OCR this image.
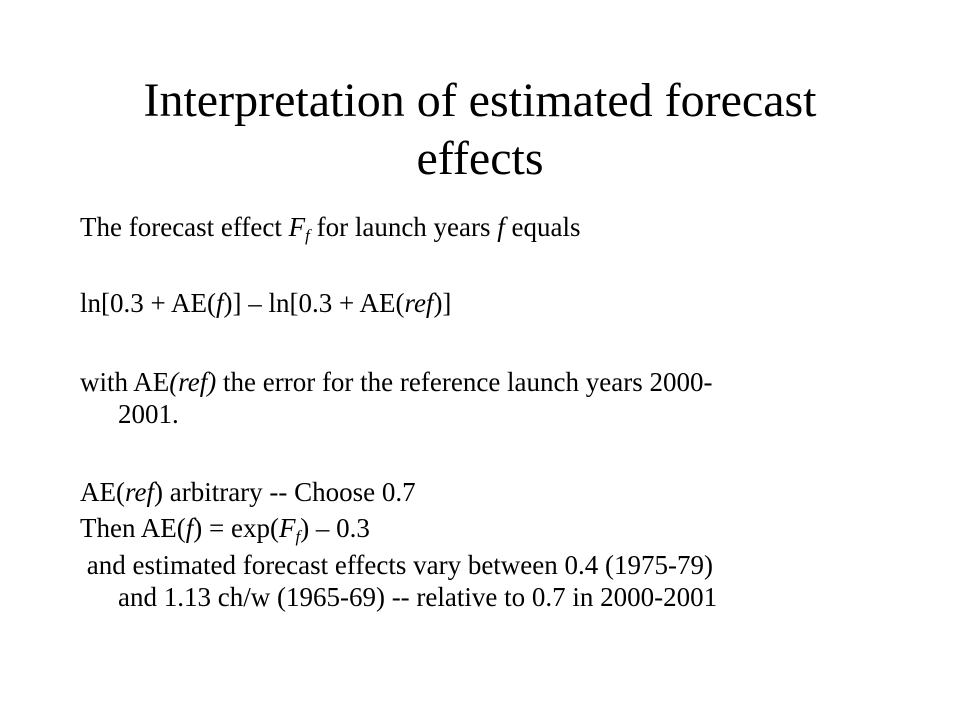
Interpretation of estimated forecast
effects
The forecast effect $F_f$ for launch years f equals
ln[0.3 + AE(f)] – ln[0.3 + AE(ref)]
with AE(ref) the error for the reference launch years 2000-
2001.
AE(ref) arbitrary -- Choose 0.7
Then $AE(f) = \exp(F_f) - 0.3$
and estimated forecast effects vary between 0.4 (1975-79)
and 1.13 ch/w (1965-69) -- relative to 0.7 in 2000-2001
